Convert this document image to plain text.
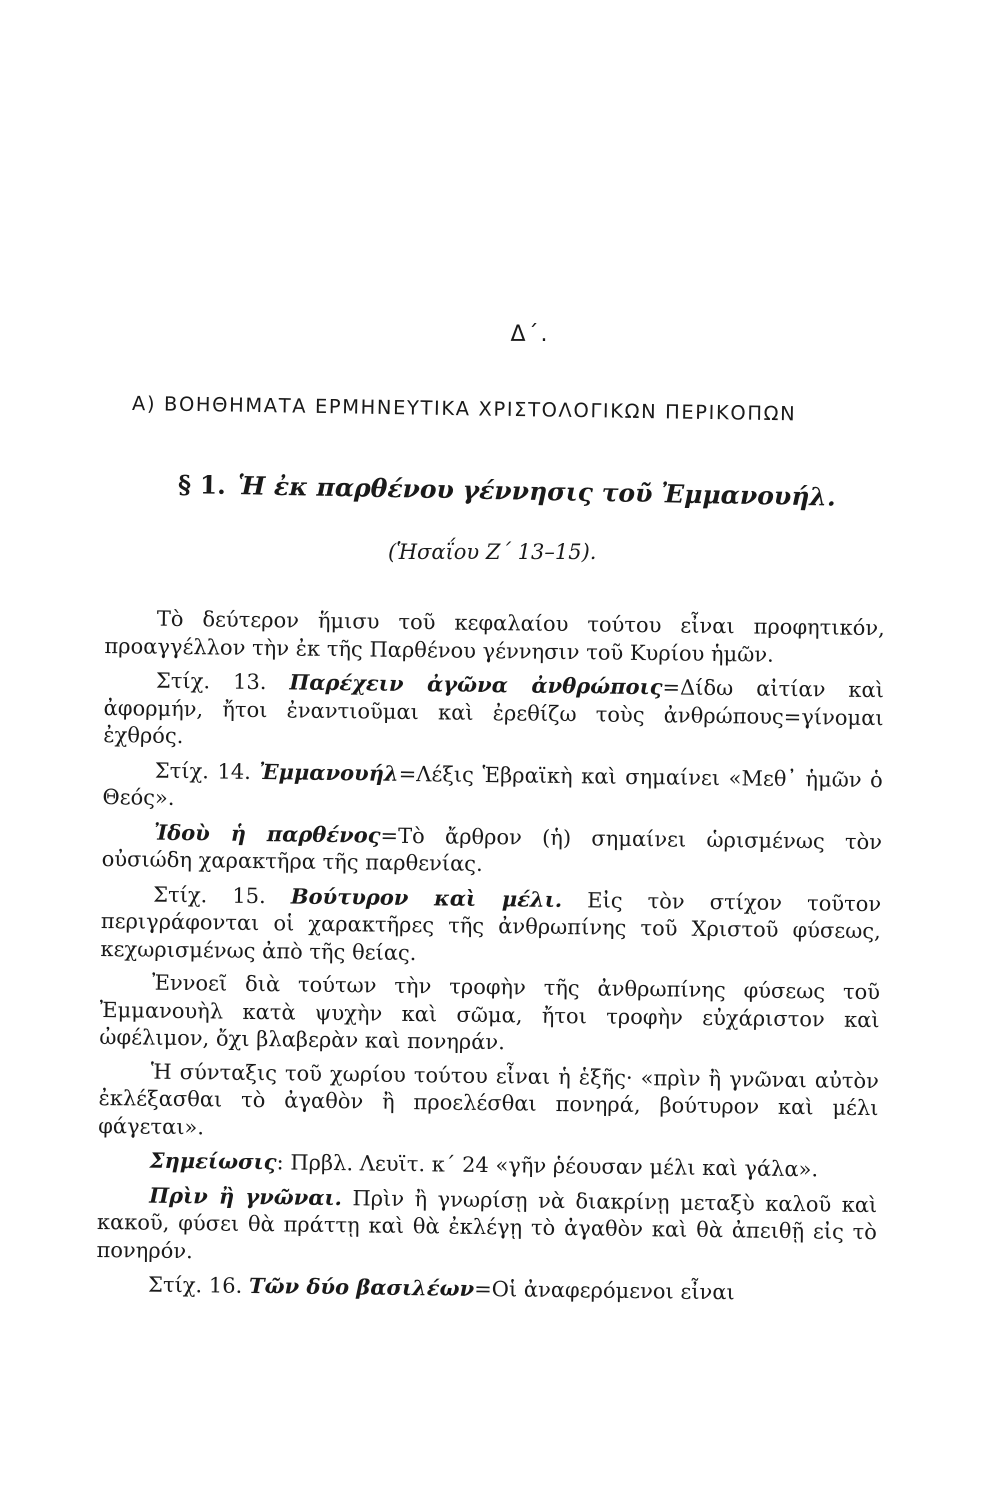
Δ΄.
Α) ΒΟΗΘΗΜΑΤΑ ΕΡΜΗΝΕΥΤΙΚΑ ΧΡΙΣΤΟΛΟΓΙΚΩΝ ΠΕΡΙΚΟΠΩΝ
§ 1. Ἡ ἐκ παρθένου γέννησις τοῦ Ἐμμανουήλ.
(Ἡσαΐου Ζ΄ 13–15).

Τὸ δεύτερον ἥμισυ τοῦ κεφαλαίου τούτου εἶναι προφητικόν, προαγγέλλον τὴν ἐκ τῆς Παρθένου γέννησιν τοῦ Κυρίου ἡμῶν.

Στίχ. 13. Παρέχειν ἀγῶνα ἀνθρώποις=Δίδω αἰτίαν καὶ ἀφορμήν, ἤτοι ἐναντιοῦμαι καὶ ἐρεθίζω τοὺς ἀνθρώπους=γίνομαι ἐχθρός.

Στίχ. 14. Ἐμμανουήλ=Λέξις Ἑβραϊκὴ καὶ σημαίνει «Μεθ᾽ ἡμῶν ὁ Θεός».

Ἰδοὺ ἡ παρθένος=Τὸ ἄρθρον (ἡ) σημαίνει ὡρισμένως τὸν οὐσιώδη χαρακτῆρα τῆς παρθενίας.

Στίχ. 15. Βούτυρον καὶ μέλι. Εἰς τὸν στίχον τοῦτον περιγράφονται οἱ χαρακτῆρες τῆς ἀνθρωπίνης τοῦ Χριστοῦ φύσεως, κεχωρισμένως ἀπὸ τῆς θείας.

Ἐννοεῖ διὰ τούτων τὴν τροφὴν τῆς ἀνθρωπίνης φύσεως τοῦ Ἐμμανουὴλ κατὰ ψυχὴν καὶ σῶμα, ἤτοι τροφὴν εὐχάριστον καὶ ὠφέλιμον, ὄχι βλαβερὰν καὶ πονηράν.

Ἡ σύνταξις τοῦ χωρίου τούτου εἶναι ἡ ἑξῆς· «πρὶν ἢ γνῶναι αὐτὸν ἐκλέξασθαι τὸ ἀγαθὸν ἢ προελέσθαι πονηρά, βούτυρον καὶ μέλι φάγεται».

Σημείωσις: Πρβλ. Λευϊτ. κ΄ 24 «γῆν ῥέουσαν μέλι καὶ γάλα».

Πρὶν ἢ γνῶναι. Πρὶν ἢ γνωρίσῃ νὰ διακρίνῃ μεταξὺ καλοῦ καὶ κακοῦ, φύσει θὰ πράττῃ καὶ θὰ ἐκλέγῃ τὸ ἀγαθὸν καὶ θὰ ἀπειθῇ εἰς τὸ πονηρόν.

Στίχ. 16. Τῶν δύο βασιλέων=Οἱ ἀναφερόμενοι εἶναι
